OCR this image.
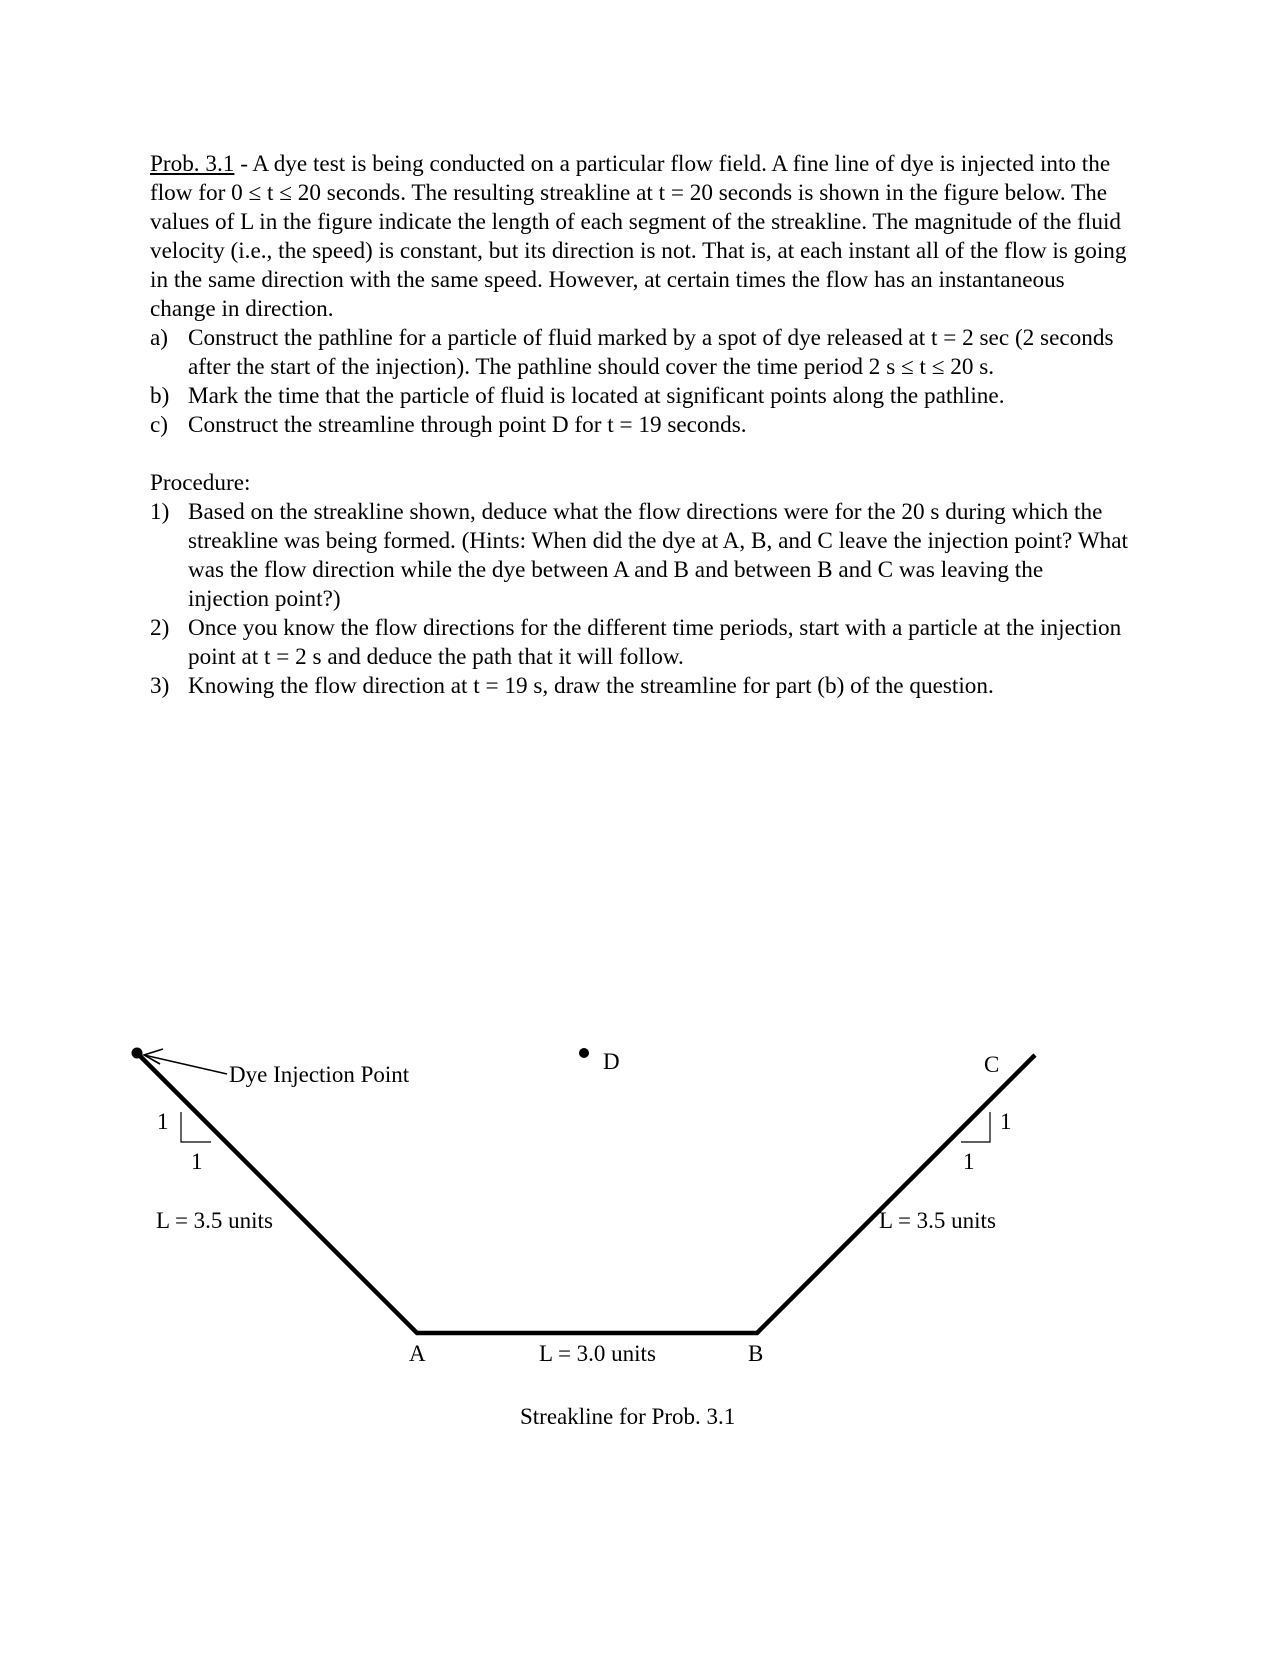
Prob. 3.1 - A dye test is being conducted on a particular flow field. A fine line of dye is injected into the flow for 0 ≤ t ≤ 20 seconds. The resulting streakline at t = 20 seconds is shown in the figure below. The values of L in the figure indicate the length of each segment of the streakline. The magnitude of the fluid velocity (i.e., the speed) is constant, but its direction is not. That is, at each instant all of the flow is going in the same direction with the same speed. However, at certain times the flow has an instantaneous change in direction.

a) Construct the pathline for a particle of fluid marked by a spot of dye released at t = 2 sec (2 seconds after the start of the injection). The pathline should cover the time period 2 s ≤ t ≤ 20 s.
b) Mark the time that the particle of fluid is located at significant points along the pathline.
c) Construct the streamline through point D for t = 19 seconds.

Procedure:

1) Based on the streakline shown, deduce what the flow directions were for the 20 s during which the streakline was being formed. (Hints: When did the dye at A, B, and C leave the injection point? What was the flow direction while the dye between A and B and between B and C was leaving the injection point?)
2) Once you know the flow directions for the different time periods, start with a particle at the injection point at t = 2 s and deduce the path that it will follow.
3) Knowing the flow direction at t = 19 s, draw the streamline for part (b) of the question.
Dye Injection Point
D	C
A	B
1
1
1
1
L = 3.5 units	L = 3.5 units
L = 3.0 units
Streakline for Prob. 3.1
